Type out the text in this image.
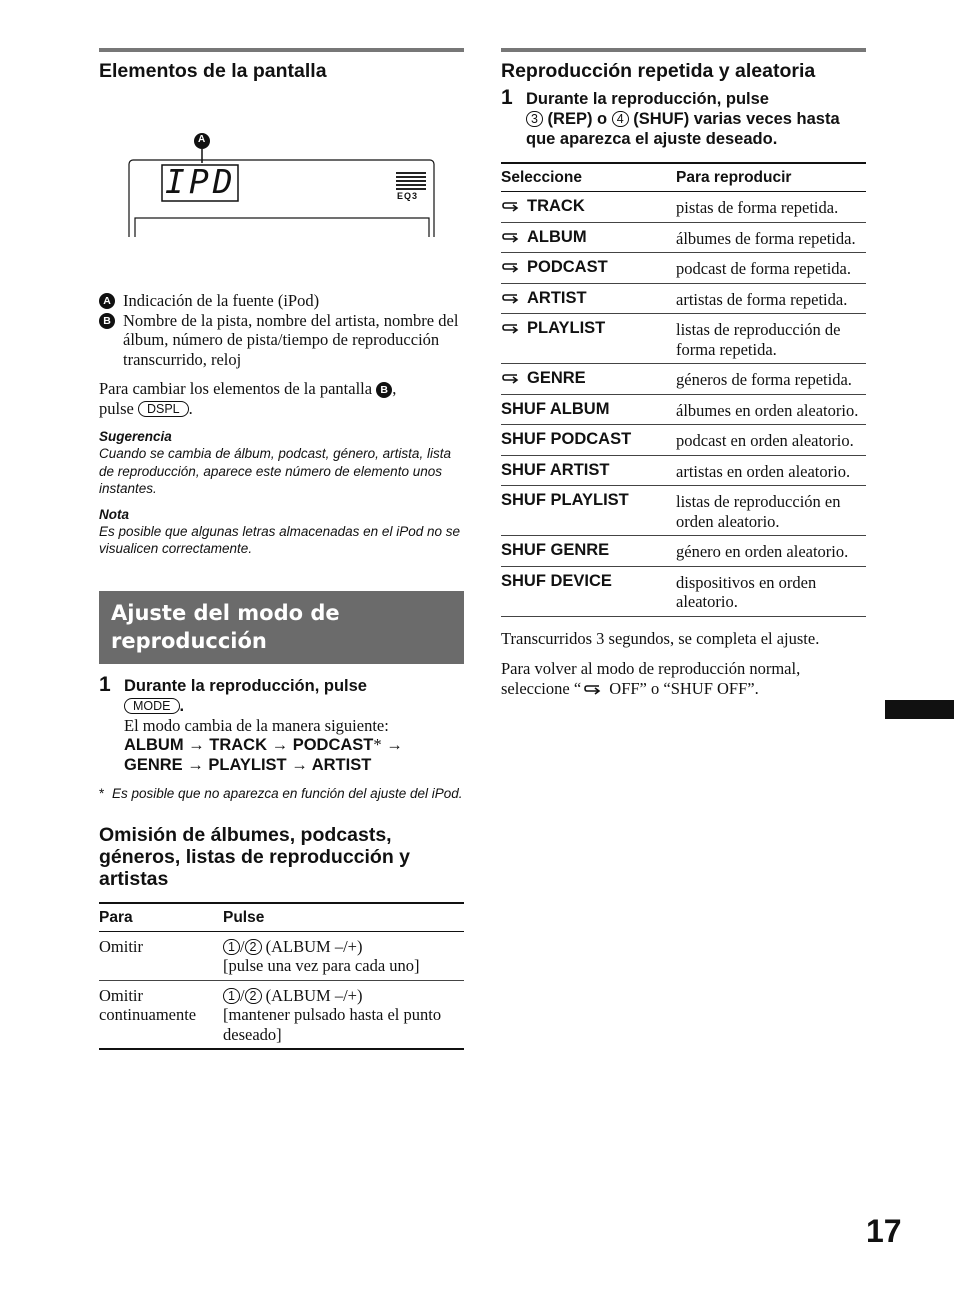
Elementos de la pantalla
A
IPD	EQ3
B
A Indicación de la fuente (iPod)
B Nombre de la pista, nombre del artista, nombre del álbum, número de pista/tiempo de reproducción transcurrido, reloj
Para cambiar los elementos de la pantalla B ,
pulse DSPL .
Sugerencia
Cuando se cambia de álbum, podcast, género, artista, lista de reproducción, aparece este número de elemento unos instantes.
Nota
Es posible que algunas letras almacenadas en el iPod no se visualicen correctamente.
Ajuste del modo de reproducción
1 Durante la reproducción, pulse
MODE .
El modo cambia de la manera siguiente:
ALBUM → TRACK → PODCAST* →
GENRE → PLAYLIST → ARTIST
* Es posible que no aparezca en función del ajuste del iPod.
Omisión de álbumes, podcasts, géneros, listas de reproducción y artistas
Para	Pulse
Omitir	1 / 2 (ALBUM –/+)
[pulse una vez para cada uno]
Omitir continuamente	1 / 2 (ALBUM –/+)
[mantener pulsado hasta el punto deseado]
Reproducción repetida y aleatoria
1 Durante la reproducción, pulse
3 (REP) o 4 (SHUF) varias veces hasta que aparezca el ajuste deseado.
Seleccione	Para reproducir
TRACK	pistas de forma repetida.
ALBUM	álbumes de forma repetida.
PODCAST	podcast de forma repetida.
ARTIST	artistas de forma repetida.
PLAYLIST	listas de reproducción de forma repetida.
GENRE	géneros de forma repetida.
SHUF ALBUM	álbumes en orden aleatorio.
SHUF PODCAST	podcast en orden aleatorio.
SHUF ARTIST	artistas en orden aleatorio.
SHUF PLAYLIST	listas de reproducción en orden aleatorio.
SHUF GENRE	género en orden aleatorio.
SHUF DEVICE	dispositivos en orden aleatorio.
Transcurridos 3 segundos, se completa el ajuste.
Para volver al modo de reproducción normal, seleccione “ OFF” o “SHUF OFF”.
17
